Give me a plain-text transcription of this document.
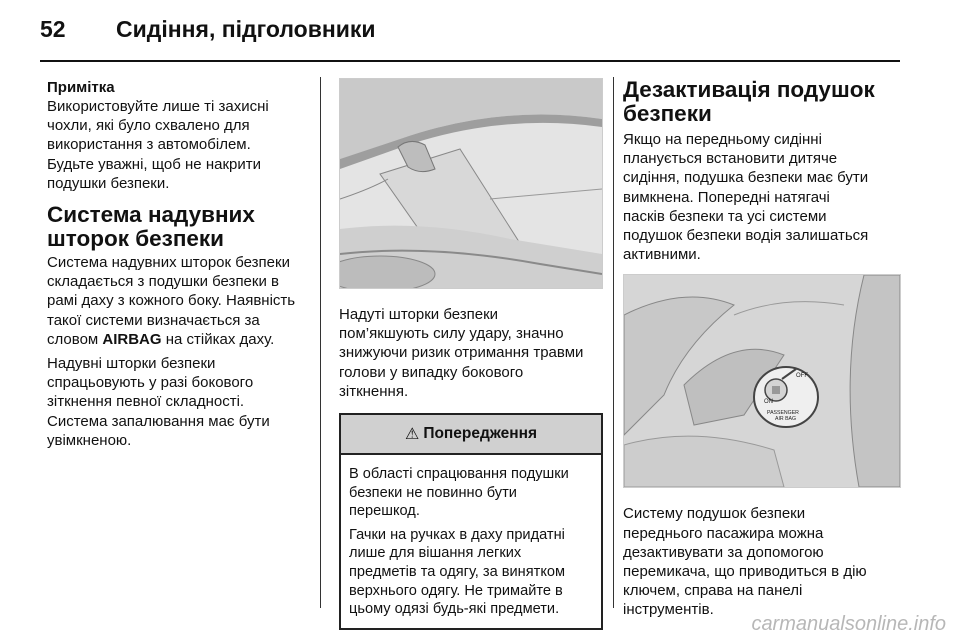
52 Сидіння, підголовники
Примітка

Використовуйте лише ті захисні

чохли, які було схвалено для

використання з автомобілем.

Будьте уважні, щоб не накрити

подушки безпеки.

Система надувних
шторок безпеки

Система надувних шторок безпеки

складається з подушки безпеки в

рамі даху з кожного боку. Наявність

такої системи визначається за

словом AIRBAG на стійках даху.

Надувні шторки безпеки

спрацьовують у разі бокового

зіткнення певної складності.

Система запалювання має бути

увімкненою.

Надуті шторки безпеки

пом’якшують силу удару, значно

знижуючи ризик отримання травми

голови у випадку бокового

зіткнення.

⚠ Попередження

В області спрацювання подушки

безпеки не повинно бути

перешкод.

Гачки на ручках в даху придатні

лише для вішання легких

предметів та одягу, за винятком

верхнього одягу. Не тримайте в

цьому одязі будь-які предмети.

Дезактивація подушок
безпеки

Якщо на передньому сидінні

планується встановити дитяче

сидіння, подушка безпеки має бути

вимкнена. Попередні натягачі

пасків безпеки та усі системи

подушок безпеки водія залишаться

активними.

ON
OFF
PASSENGER
AIR BAG

Систему подушок безпеки

переднього пасажира можна

дезактивувати за допомогою

перемикача, що приводиться в дію

ключем, справа на панелі

інструментів.

carmanualsonline.info
